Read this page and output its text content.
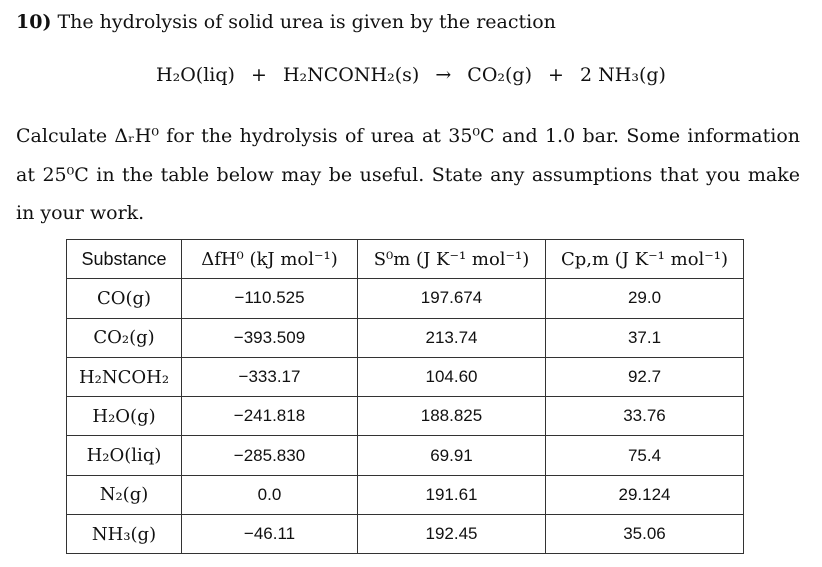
10) The hydrolysis of solid urea is given by the reaction
H₂O(liq) + H₂NCONH₂(s) → CO₂(g) + 2 NH₃(g)
Calculate ΔᵣH⁰ for the hydrolysis of urea at 35⁰C and 1.0 bar. Some information at 25⁰C in the table below may be useful. State any assumptions that you make in your work.
Substance	ΔfH⁰ (kJ mol⁻¹)	S⁰m (J K⁻¹ mol⁻¹)	Cp,m (J K⁻¹ mol⁻¹)
CO(g)	−110.525	197.674	29.0
CO₂(g)	−393.509	213.74	37.1
H₂NCOH₂	−333.17	104.60	92.7
H₂O(g)	−241.818	188.825	33.76
H₂O(liq)	−285.830	69.91	75.4
N₂(g)	0.0	191.61	29.124
NH₃(g)	−46.11	192.45	35.06
